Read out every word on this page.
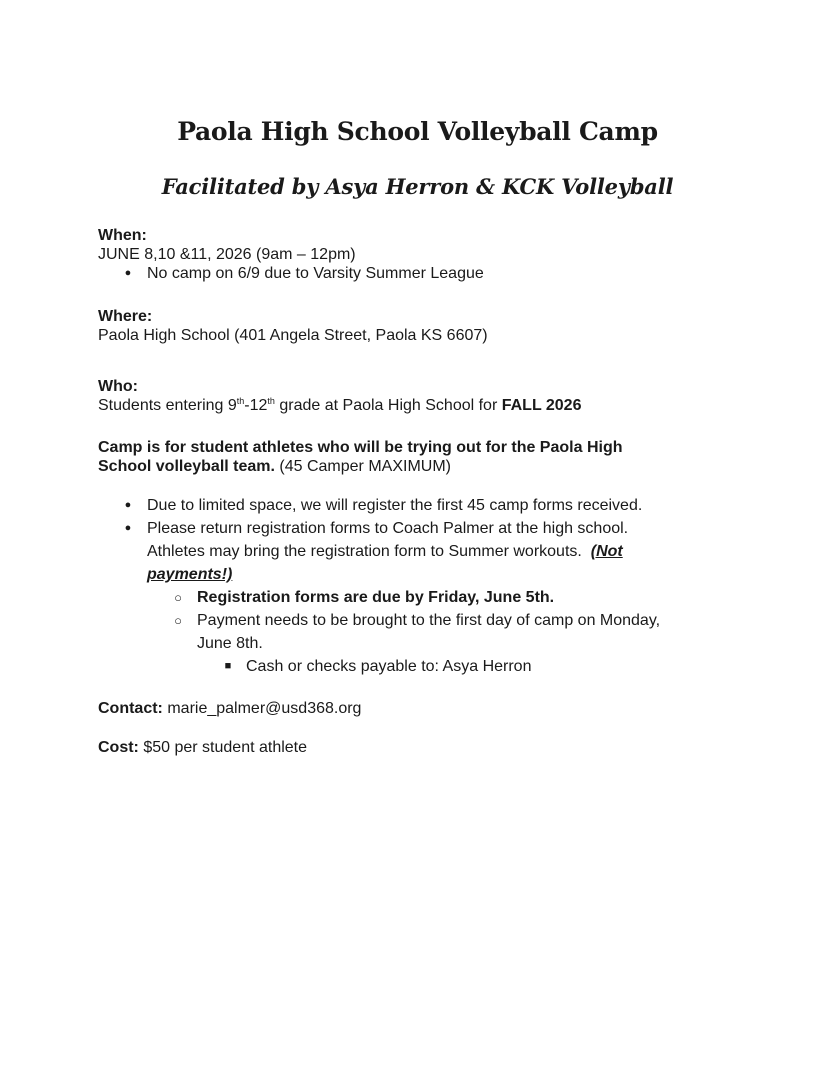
Paola High School Volleyball Camp
Facilitated by Asya Herron & KCK Volleyball

When:

JUNE 8,10 &11, 2026 (9am – 12pm)

● No camp on 6/9 due to Varsity Summer League

Where:

Paola High School (401 Angela Street, Paola KS 6607)

Who:

Students entering 9th-12th grade at Paola High School for FALL 2026

Camp is for student athletes who will be trying out for the Paola High

School volleyball team. (45 Camper MAXIMUM)

● Due to limited space, we will register the first 45 camp forms received.

● Please return registration forms to Coach Palmer at the high school.
Athletes may bring the registration form to Summer workouts. (Not
payments!)

○ Registration forms are due by Friday, June 5th.

○ Payment needs to be brought to the first day of camp on Monday,
June 8th.

■ Cash or checks payable to: Asya Herron

Contact: marie_palmer@usd368.org

Cost: $50 per student athlete
